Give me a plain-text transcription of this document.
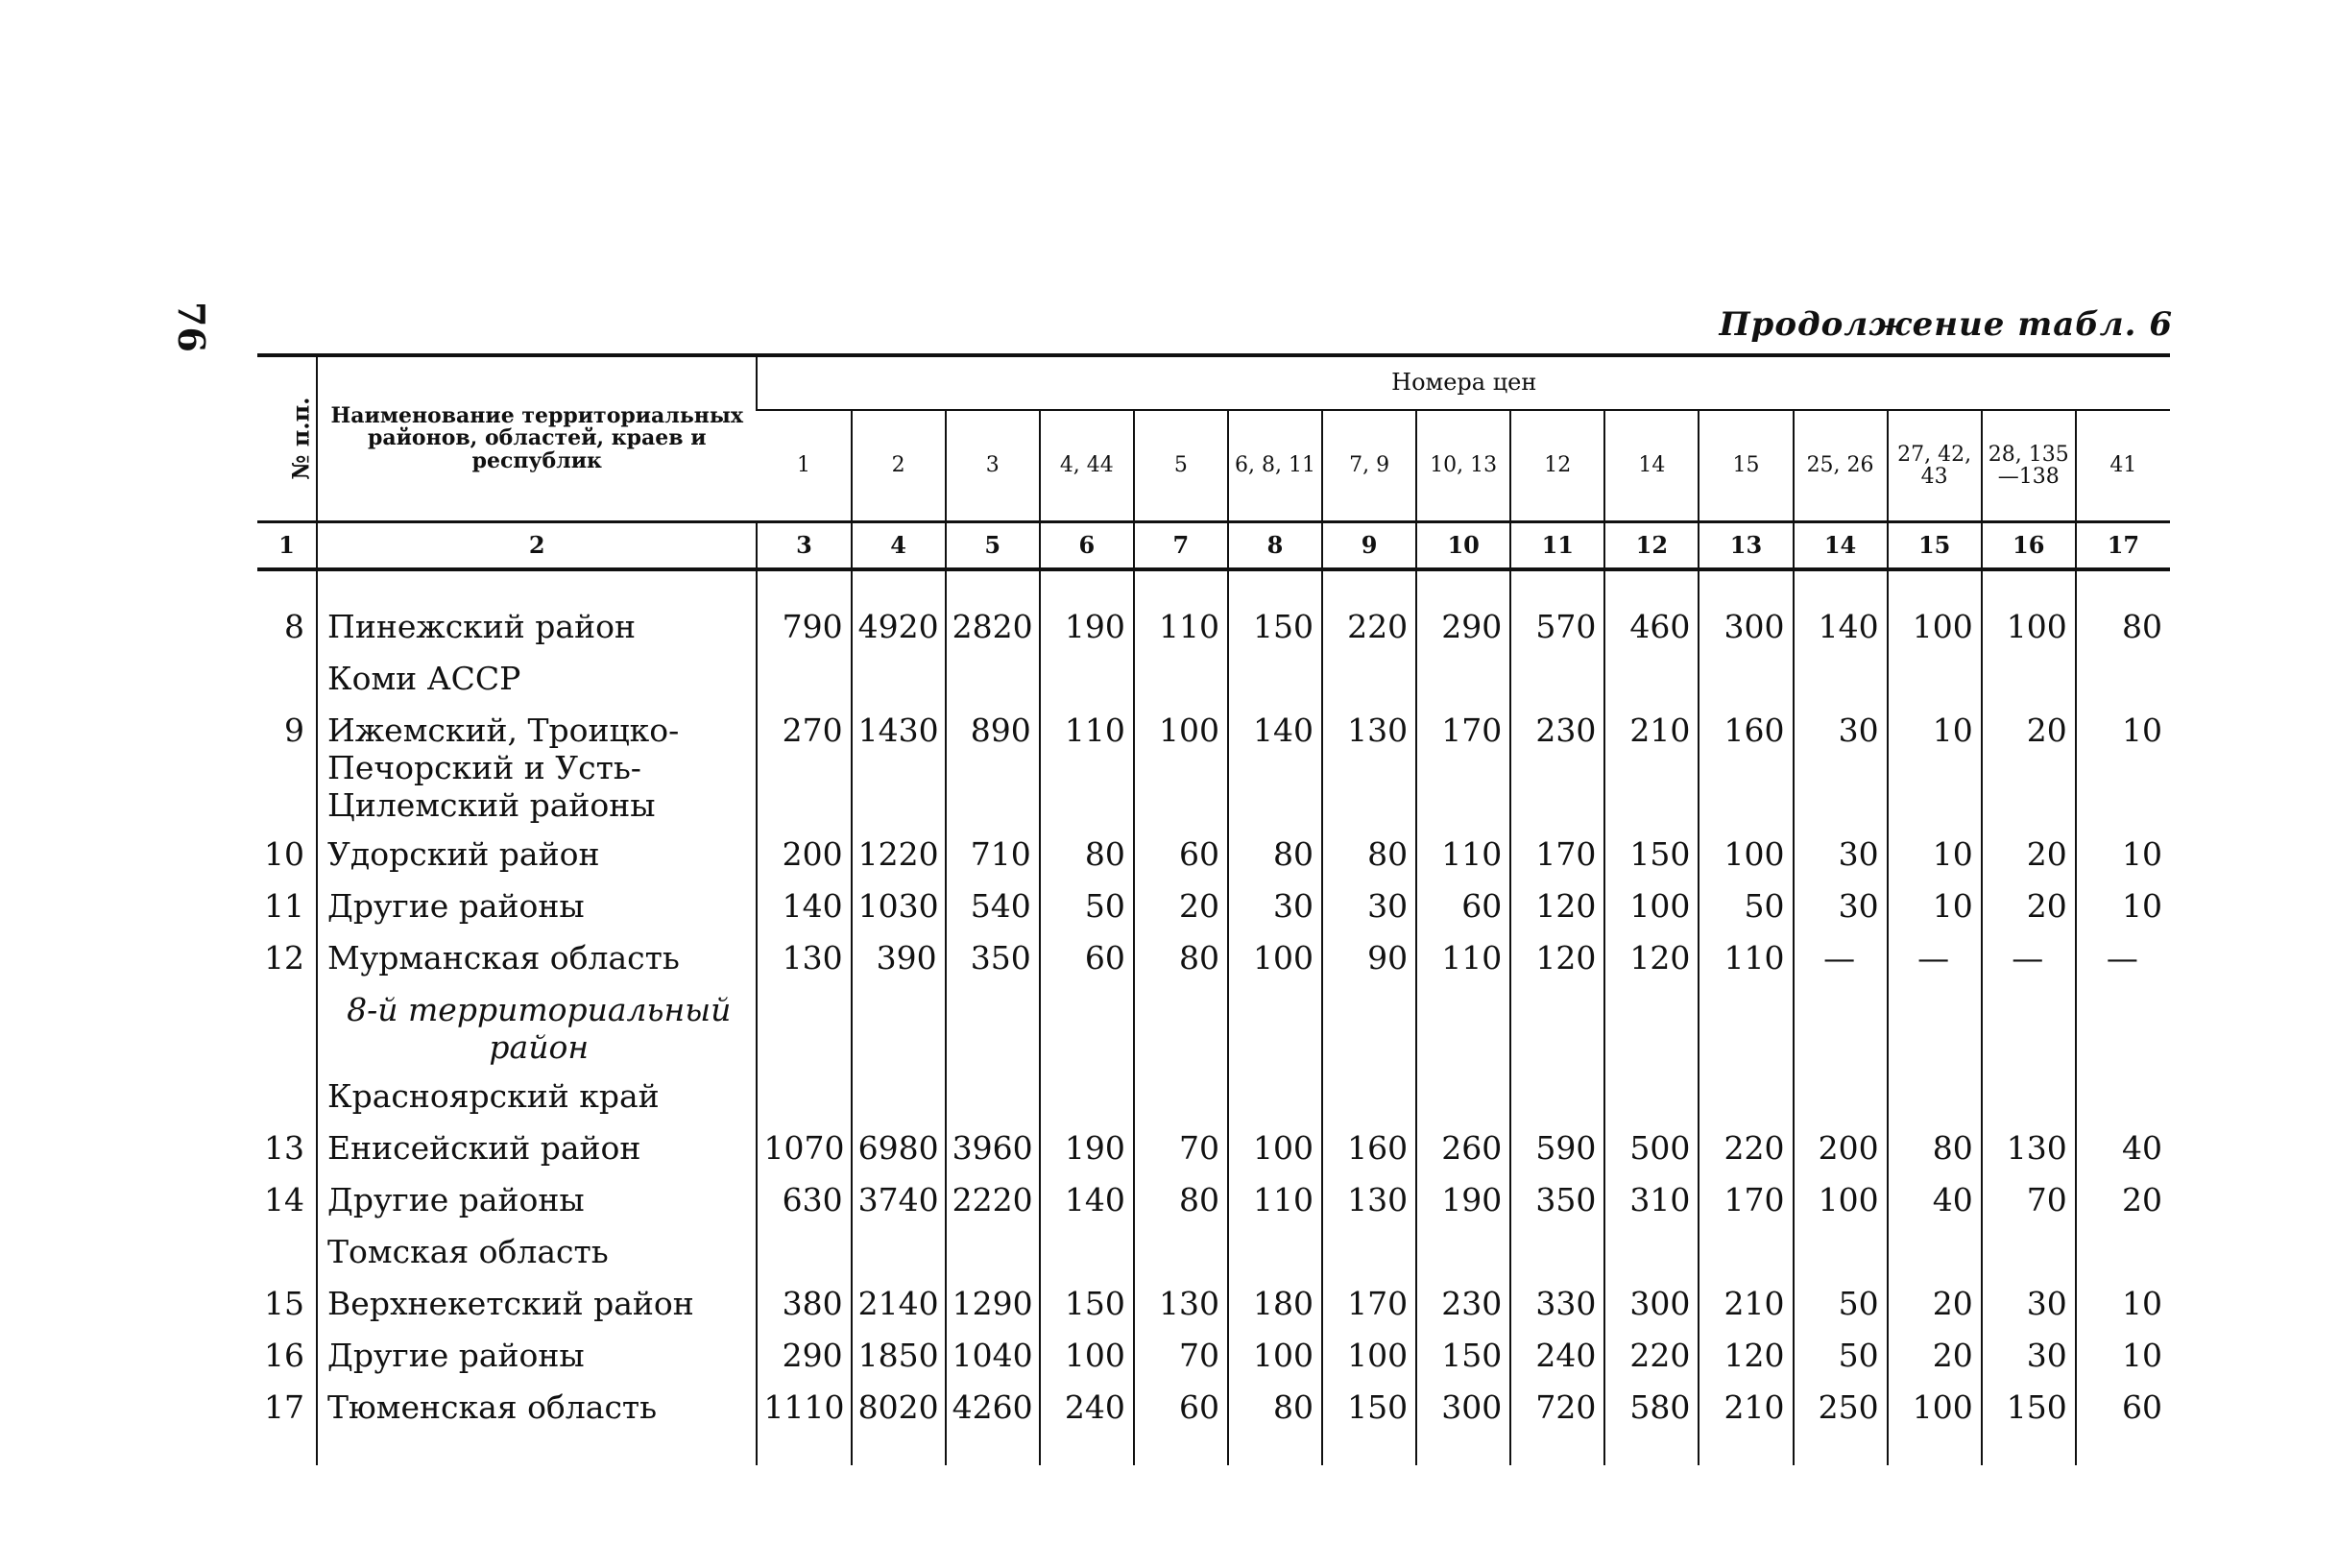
76	Продолжение табл. 6
№ п.п.	Наименование территориальных районов, областей, краев и республик	Номера цен														
		1	2	3	4, 44	5	6, 8, 11	7, 9	10, 13	12	14	15	25, 26	27, 42, 43	28, 135—138	41
1	2	3	4	5	6	7	8	9	10	11	12	13	14	15	16	17

8	Пинежский район	790	4920	2820	190	110	150	220	290	570	460	300	140	100	100	80
	Коми АССР															
9	Ижемский, Троицко-Печорский и Усть-Цилемский районы	270	1430	890	110	100	140	130	170	230	210	160	30	10	20	10
10	Удорский район	200	1220	710	80	60	80	80	110	170	150	100	30	10	20	10
11	Другие районы	140	1030	540	50	20	30	30	60	120	100	50	30	10	20	10
12	Мурманская область	130	390	350	60	80	100	90	110	120	120	110	—	—	—	—
	8-й территориальный район															
	Красноярский край															
13	Енисейский район	1070	6980	3960	190	70	100	160	260	590	500	220	200	80	130	40
14	Другие районы	630	3740	2220	140	80	110	130	190	350	310	170	100	40	70	20
	Томская область															
15	Верхнекетский район	380	2140	1290	150	130	180	170	230	330	300	210	50	20	30	10
16	Другие районы	290	1850	1040	100	70	100	100	150	240	220	120	50	20	30	10
17	Тюменская область	1110	8020	4260	240	60	80	150	300	720	580	210	250	100	150	60
